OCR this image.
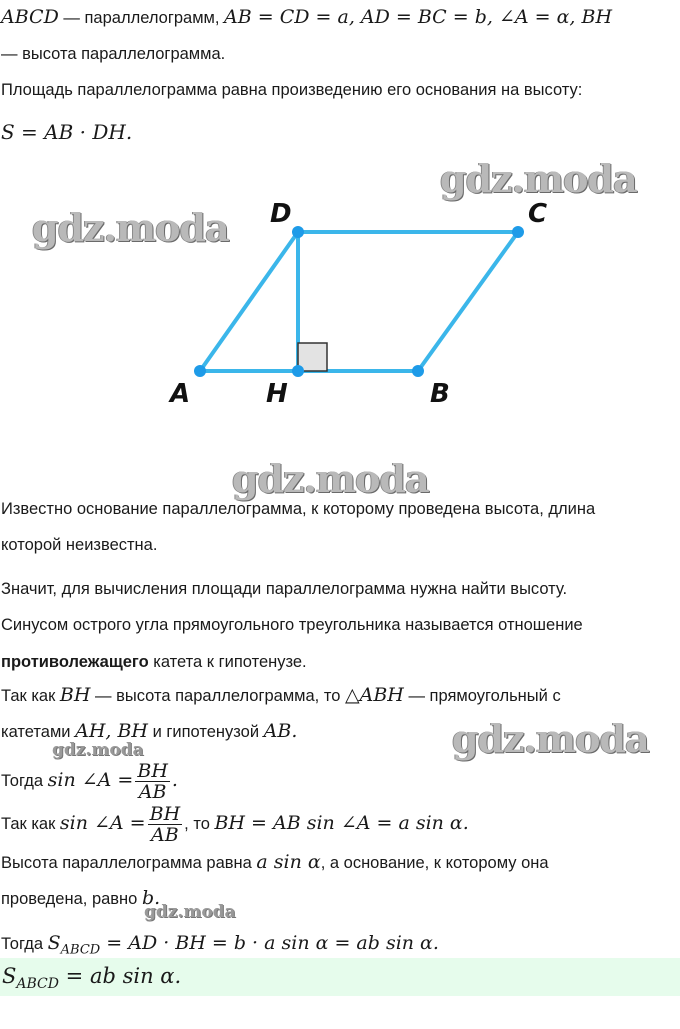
ABCD — параллелограмм, AB = CD = a, AD = BC = b, ∠A = α, BH
— высота параллелограмма.
Площадь параллелограмма равна произведению его основания на высоту:
S = AB · DH.
gdz.moda
gdz.moda
A	H	B
D	C
gdz.moda
Известно основание параллелограмма, к которому проведена высота, длина
которой неизвестна.
Значит, для вычисления площади параллелограмма нужна найти высоту.
Синусом острого угла прямоугольного треугольника называется отношение
противолежащего катета к гипотенузе.
Так как BH — высота параллелограмма, то △ABH — прямоугольный с
катетами AH, BH и гипотенузой AB.	gdz.moda
gdz.moda
Тогда sin ∠A = $\frac{BH}{AB}$ .
Так как sin ∠A = $\frac{BH}{AB}$ , то BH = AB sin ∠A = a sin α.
Высота параллелограмма равна a sin α, а основание, к которому она
проведена, равно b.
gdz.moda
Тогда $S_{ABCD}$ = AD · BH = b · a sin α = ab sin α.
$S_{ABCD}$ = ab sin α.
